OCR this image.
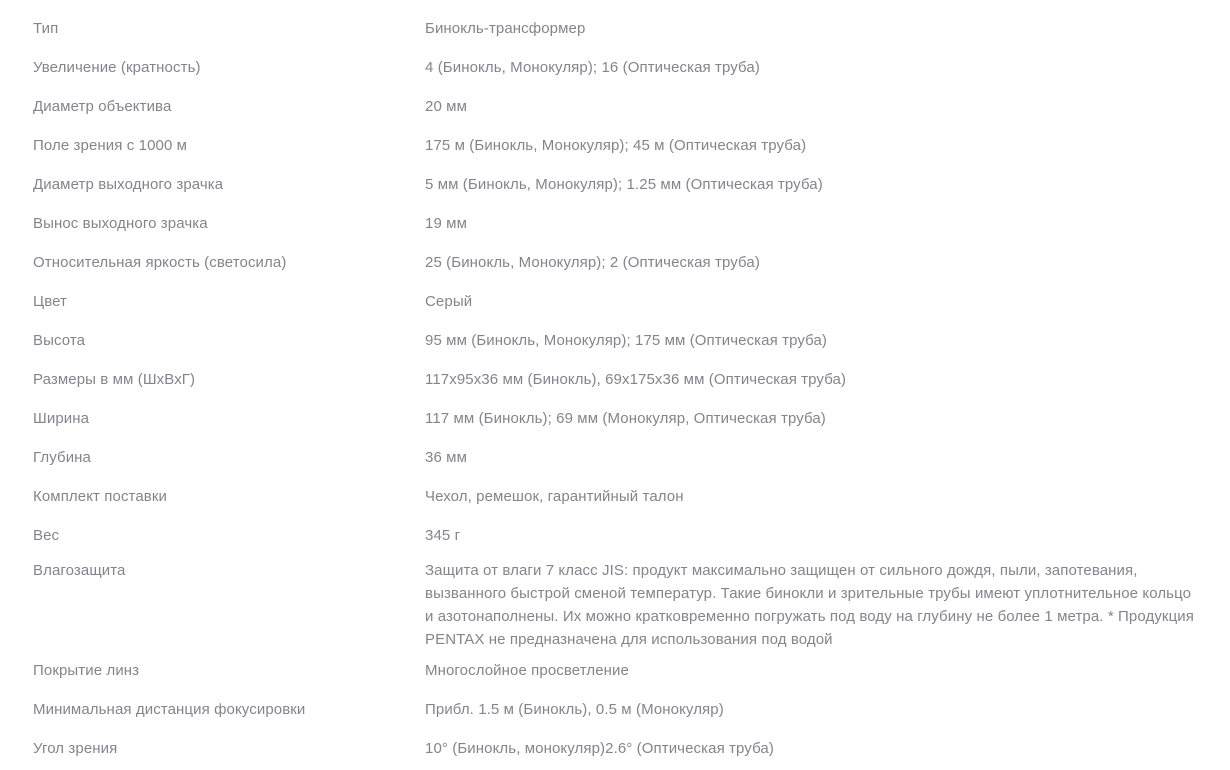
Тип	Бинокль-трансформер
Увеличение (кратность)	4 (Бинокль, Монокуляр); 16 (Оптическая труба)
Диаметр объектива	20 мм
Поле зрения с 1000 м	175 м (Бинокль, Монокуляр); 45 м (Оптическая труба)
Диаметр выходного зрачка	5 мм (Бинокль, Монокуляр); 1.25 мм (Оптическая труба)
Вынос выходного зрачка	19 мм
Относительная яркость (светосила)	25 (Бинокль, Монокуляр); 2 (Оптическая труба)
Цвет	Серый
Высота	95 мм (Бинокль, Монокуляр); 175 мм (Оптическая труба)
Размеры в мм (ШхВхГ)	117х95х36 мм (Бинокль), 69х175х36 мм (Оптическая труба)
Ширина	117 мм (Бинокль); 69 мм (Монокуляр, Оптическая труба)
Глубина	36 мм
Комплект поставки	Чехол, ремешок, гарантийный талон
Вес	345 г
Влагозащита	Защита от влаги 7 класс JIS: продукт максимально защищен от сильного дождя, пыли, запотевания, вызванного быстрой сменой температур. Такие бинокли и зрительные трубы имеют уплотнительное кольцо и азотонаполнены. Их можно кратковременно погружать под воду на глубину не более 1 метра. * Продукция PENTAX не предназначена для использования под водой
Покрытие линз	Многослойное просветление
Минимальная дистанция фокусировки	Прибл. 1.5 м (Бинокль), 0.5 м (Монокуляр)
Угол зрения	10° (Бинокль, монокуляр)2.6° (Оптическая труба)
